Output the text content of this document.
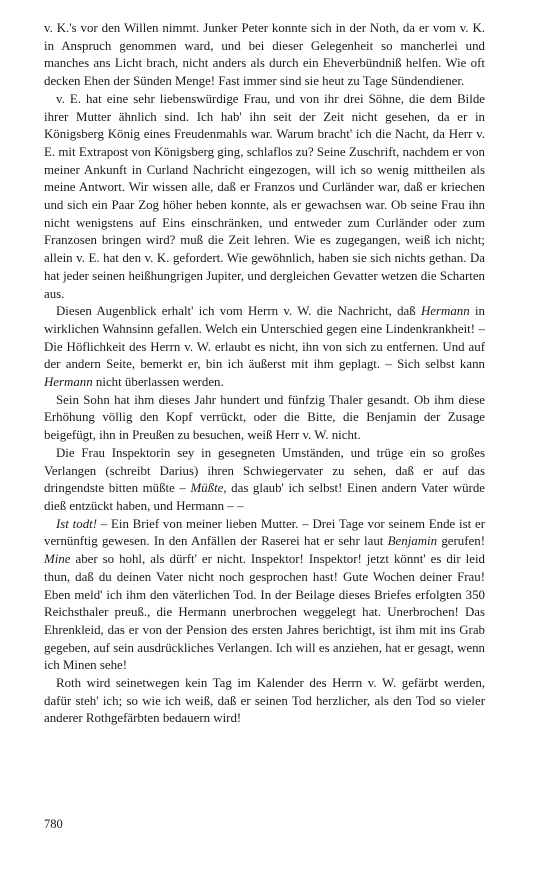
v. K.'s vor den Willen nimmt. Junker Peter konnte sich in der Noth, da er vom v. K. in Anspruch genommen ward, und bei dieser Gelegenheit so mancherlei und manches ans Licht brach, nicht anders als durch ein Eheverbündniß helfen. Wie oft decken Ehen der Sünden Menge! Fast immer sind sie heut zu Tage Sündendiener.

v. E. hat eine sehr liebenswürdige Frau, und von ihr drei Söhne, die dem Bilde ihrer Mutter ähnlich sind. Ich hab' ihn seit der Zeit nicht gesehen, da er in Königsberg König eines Freudenmahls war. Warum bracht' ich die Nacht, da Herr v. E. mit Extrapost von Königsberg ging, schlaflos zu? Seine Zuschrift, nachdem er von meiner Ankunft in Curland Nachricht eingezogen, will ich so wenig mittheilen als meine Antwort. Wir wissen alle, daß er Franzos und Curländer war, daß er kriechen und sich ein Paar Zog höher heben konnte, als er gewachsen war. Ob seine Frau ihn nicht wenigstens auf Eins einschränken, und entweder zum Curländer oder zum Franzosen bringen wird? muß die Zeit lehren. Wie es zugegangen, weiß ich nicht; allein v. E. hat den v. K. gefordert. Wie gewöhnlich, haben sie sich nichts gethan. Da hat jeder seinen heißhungrigen Jupiter, und dergleichen Gevatter wetzen die Scharten aus.

Diesen Augenblick erhalt' ich vom Herrn v. W. die Nachricht, daß Hermann in wirklichen Wahnsinn gefallen. Welch ein Unterschied gegen eine Lindenkrankheit! – Die Höflichkeit des Herrn v. W. erlaubt es nicht, ihn von sich zu entfernen. Und auf der andern Seite, bemerkt er, bin ich äußerst mit ihm geplagt. – Sich selbst kann Hermann nicht überlassen werden.

Sein Sohn hat ihm dieses Jahr hundert und fünfzig Thaler gesandt. Ob ihm diese Erhöhung völlig den Kopf verrückt, oder die Bitte, die Benjamin der Zusage beigefügt, ihn in Preußen zu besuchen, weiß Herr v. W. nicht.

Die Frau Inspektorin sey in gesegneten Umständen, und trüge ein so großes Verlangen (schreibt Darius) ihren Schwiegervater zu sehen, daß er auf das dringendste bitten müßte – Müßte, das glaub' ich selbst! Einen andern Vater würde dieß entzückt haben, und Hermann – –

Ist todt! – Ein Brief von meiner lieben Mutter. – Drei Tage vor seinem Ende ist er vernünftig gewesen. In den Anfällen der Raserei hat er sehr laut Benjamin gerufen! Mine aber so hohl, als dürft' er nicht. Inspektor! Inspektor! jetzt könnt' es dir leid thun, daß du deinen Vater nicht noch gesprochen hast! Gute Wochen deiner Frau! Eben meld' ich ihm den väterlichen Tod. In der Beilage dieses Briefes erfolgten 350 Reichsthaler preuß., die Hermann unerbrochen weggelegt hat. Unerbrochen! Das Ehrenkleid, das er von der Pension des ersten Jahres berichtigt, ist ihm mit ins Grab gegeben, auf sein ausdrückliches Verlangen. Ich will es anziehen, hat er gesagt, wenn ich Minen sehe!

Roth wird seinetwegen kein Tag im Kalender des Herrn v. W. gefärbt werden, dafür steh' ich; so wie ich weiß, daß er seinen Tod herzlicher, als den Tod so vieler anderer Rothgefärbten bedauern wird!

780
